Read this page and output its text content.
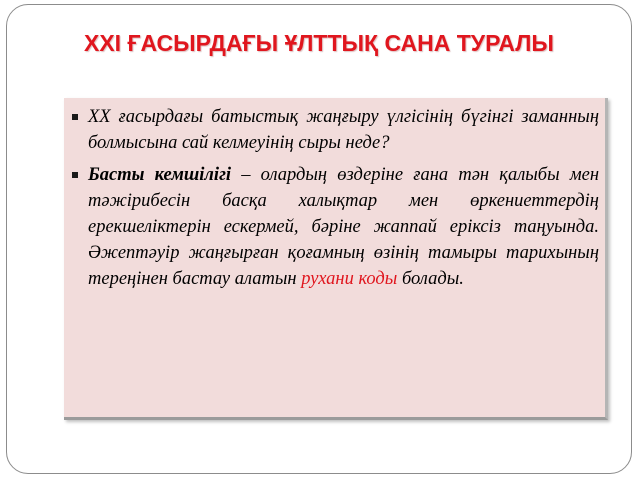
XXI ҒАСЫРДАҒЫ ҰЛТТЫҚ САНА ТУРАЛЫ
ХХ ғасырдағы батыстық жаңғыру үлгісінің бүгінгі заманның болмысына сай келмеуінің сыры неде?
Басты кемшілігі – олардың өздеріне ғана тән қалыбы мен тәжірибесін басқа халықтар мен өркениеттердің ерекшеліктерін ескермей, бәріне жаппай еріксіз таңуында. Әжептәуір жаңғырған қоғамның өзінің тамыры тарихының тереңінен бастау алатын рухани коды болады.
